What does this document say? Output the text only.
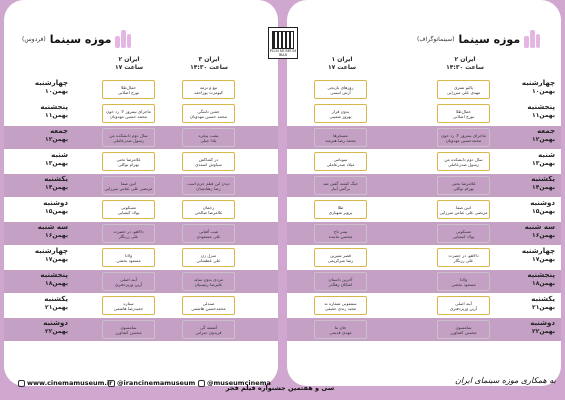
(فردوس) موزه سینما
ایران ۳
ساعت ۱۴:۳۰
ایران ۲
ساعت ۱۷
چهارشنبه
۱۰بهمن
تیغ و ترمه
کیومرث پوراحمد
حمال‌طلا
تورج اصلانی
پنجشنبه
۱۱بهمن
جشن دلتنگی
محمد حسین مهدویان
ماجرای نیمروز ۲: رد خون
محمد حسین مهدویان
جمعه
۱۲بهمن
پشت پنجره
یلدا جبلی
سال دوم دانشکده من
رسول صدرعاملی
شنبه
۱۳بهمن
در کشاکش
سیاوش اسعدی
غلامرضا تختی
بهرام توکلی
یکشنبه
۱۴بهمن
دیدن این فیلم جرم است
رضا زهتابچیان
اتین صفا
مرتضی علی عباس میرزایی
دوشنبه
۱۵بهمن
رحمان
غلامرضا صالحی
مسکوتی
پولاد کیمیایی
سه شنبه
۱۶بهمن
شب آفتابی
علی مسعودی
دالاهو، در حضرت
علی زرنگار
چهارشنبه
۱۷بهمن
منزل زن
علی عطشانی
ولادا
مسعود بخشی
پنجشنبه
۱۸بهمن
مردی بدون سایه
علیرضا رئیسیان
آینه اصلی
آرین وزیردفتری
یکشنبه
۲۱بهمن
صندلی
محمدحسین هاشمی
ستاره
حمیدرضا هاشمی
دوشنبه
۲۲بهمن
آشفته گی
فریدون جیرانی
سامسون
محسن کشاورز
(سینماتوگراف) موزه سینما
ایران ۱
ساعت ۱۷
ایران ۲
ساعت ۱۴:۳۰
چهارشنبه
۱۰بهمن
پالتو شتری
مهدی علی میرزایی
روزهای نارنجی
آرش انیسی
پنجشنبه
۱۱بهمن
حمال‌طلا
تورج اصلانی
بدون قرار
بهروز شعیبی
جمعه
۱۲بهمن
ماجرای نیمروز ۲: رد خون
محمدحسین مهدویان
مسخرها
محمد رضا هنرمند
شنبه
۱۳بهمن
سال دوم دانشکده من
رسول صدرعاملی
سونامی
میلاد صدرعاملی
یکشنبه
۱۴بهمن
غلامرضا تختی
بهرام توکلی
جنگ کشته گفتن شد
برگس آبیار
دوشنبه
۱۵بهمن
اتین صفا
مرتضی علی عباس میرزایی
طلا
پرویز شهبازی
سه شنبه
۱۶بهمن
مسکوتی
پولاد کیمیایی
پسر تاج
محسن تنابنده
چهارشنبه
۱۷بهمن
دالاهو، در حضرت
علی زرنگار
قصر شیرین
رضا میرکریمی
پنجشنبه
۱۸بهمن
ولادا
مسعود بخشی
آخرین داستان
اشکان رهگذر
یکشنبه
۲۱بهمن
آینه اصلی
آرین وزیردفتری
سمفونی شماره نه
مجید زندی حقیقی
دوشنبه
۲۲بهمن
سامسون
محسن کشاورز
جان ما
مهدی قدیمی
FILM MUSEUM
IRAN
www.cinemamuseum.ir @irancinemamuseum @museumcinema
سی و هفتمین جشنواره فیلم فجر
به همکاری موزه سینمای ایران
